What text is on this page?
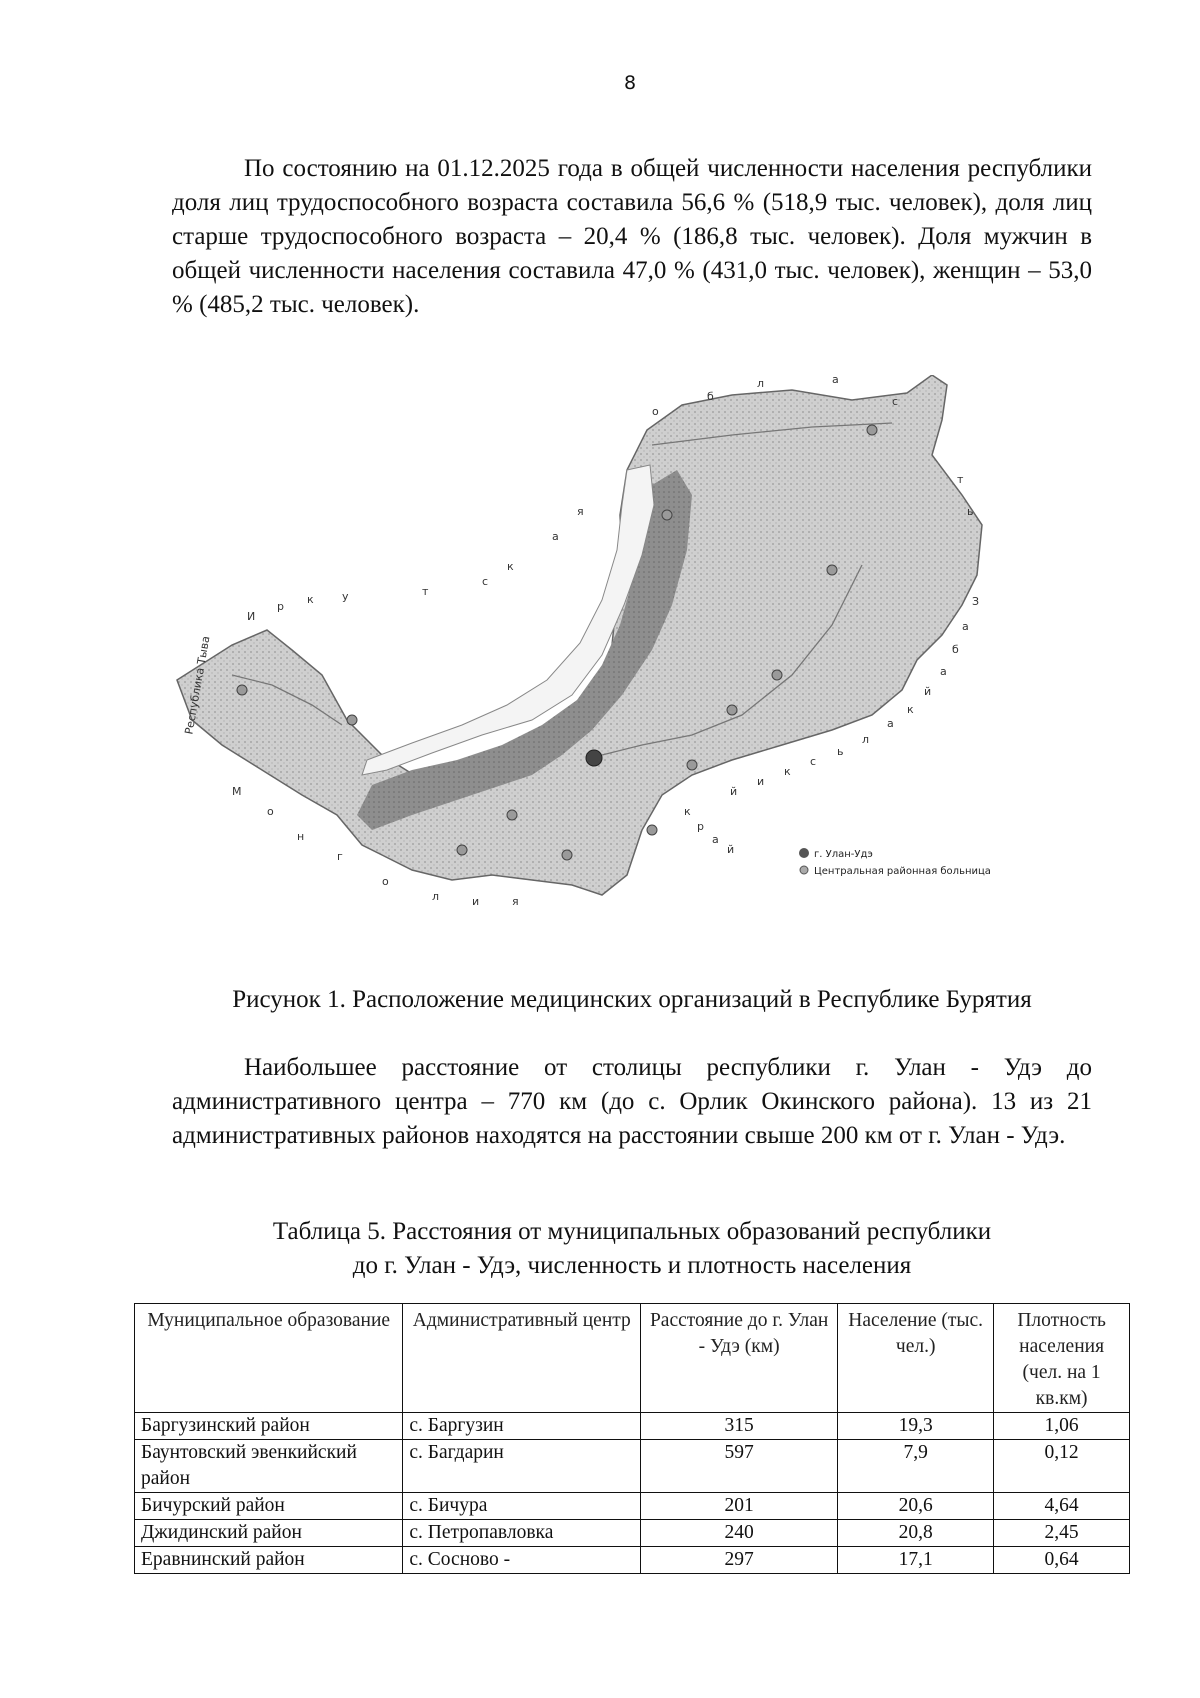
8

По состоянию на 01.12.2025 года в общей численности населения республики доля лиц трудоспособного возраста составила 56,6 % (518,9 тыс. человек), доля лиц старше трудоспособного возраста – 20,4 % (186,8 тыс. человек). Доля мужчин в общей численности населения составила 47,0 % (431,0 тыс. человек), женщин – 53,0 % (485,2 тыс. человек).

Республика Тыва
И
р
к	у	т
с
к
а
я
о
б
л	а
с
т
ь
М
о
н
г
о
л	и	я
З
а
б
а
й
к
а
л
ь
с
к
и
й
к
р
а
й	г. Улан-Удэ
Центральная районная больница

Рисунок 1. Расположение медицинских организаций в Республике Бурятия

Наибольшее расстояние от столицы республики г. Улан - Удэ до административного центра – 770 км (до с. Орлик Окинского района). 13 из 21 административных районов находятся на расстоянии свыше 200 км от г. Улан - Удэ.

Таблица 5. Расстояния от муниципальных образований республики
до г. Улан - Удэ, численность и плотность населения

Муниципальное образование	Административный центр	Расстояние до г. Улан - Удэ (км)	Население (тыс. чел.)	Плотность населения (чел. на 1 кв.км)
Баргузинский район	с. Баргузин	315	19,3	1,06
Баунтовский эвенкийский район	с. Багдарин	597	7,9	0,12
Бичурский район	с. Бичура	201	20,6	4,64
Джидинский район	с. Петропавловка	240	20,8	2,45
Еравнинский район	с. Сосново -	297	17,1	0,64
